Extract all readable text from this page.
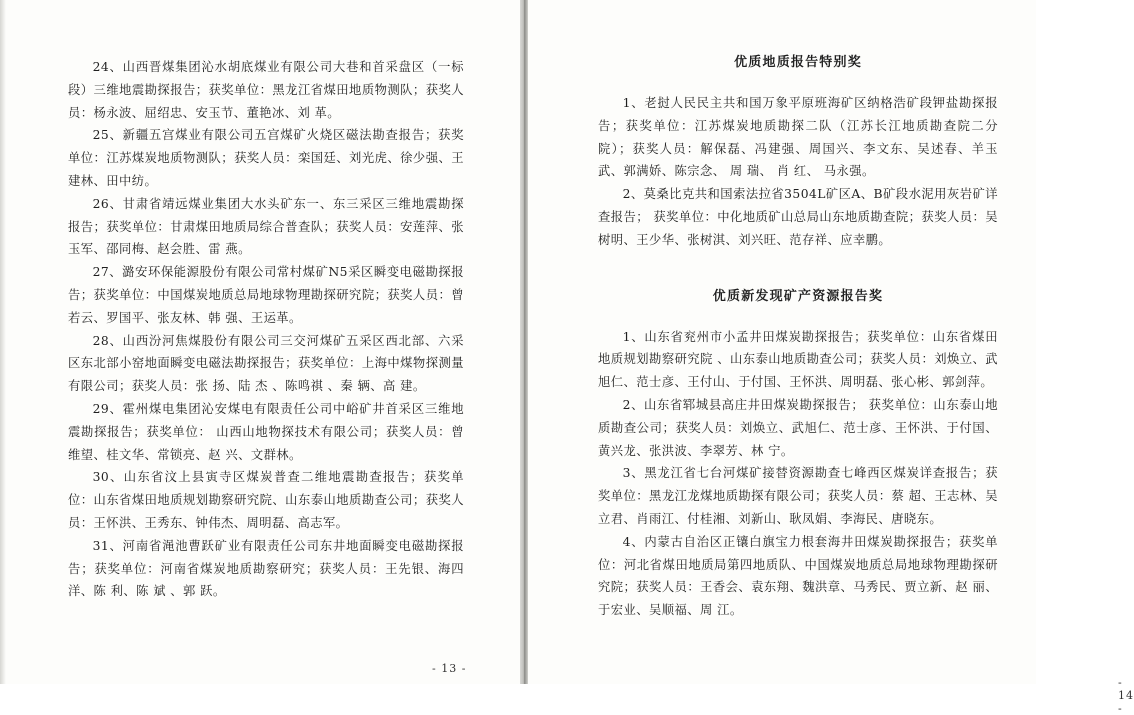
24、山西晋煤集团沁水胡底煤业有限公司大巷和首采盘区（一标段）三维地震勘探报告；获奖单位：黑龙江省煤田地质物测队；获奖人员：杨永波、屈绍忠、安玉节、董艳冰、刘 革。

25、新疆五宫煤业有限公司五宫煤矿火烧区磁法勘查报告；获奖单位：江苏煤炭地质物测队；获奖人员：栾国廷、刘光虎、徐少强、王建林、田中纺。

26、甘肃省靖远煤业集团大水头矿东一、东三采区三维地震勘探报告；获奖单位：甘肃煤田地质局综合普查队；获奖人员：安莲萍、张玉军、邵同梅、赵会胜、雷 燕。

27、潞安环保能源股份有限公司常村煤矿N5采区瞬变电磁勘探报告；获奖单位：中国煤炭地质总局地球物理勘探研究院；获奖人员：曾若云、罗国平、张友林、韩 强、王运革。

28、山西汾河焦煤股份有限公司三交河煤矿五采区西北部、六采区东北部小窑地面瞬变电磁法勘探报告；获奖单位：上海中煤物探测量有限公司；获奖人员：张 扬、陆 杰 、陈鸣祺 、秦 辆、高 建。

29、霍州煤电集团沁安煤电有限责任公司中峪矿井首采区三维地震勘探报告；获奖单位： 山西山地物探技术有限公司；获奖人员：曾维望、桂文华、常锁亮、赵 兴、文群林。

30、山东省汶上县寅寺区煤炭普查二维地震勘查报告；获奖单位：山东省煤田地质规划勘察研究院、山东泰山地质勘查公司；获奖人员：王怀洪、王秀东、钟伟杰、周明磊、高志军。

31、河南省渑池曹跃矿业有限责任公司东井地面瞬变电磁勘探报告；获奖单位：河南省煤炭地质勘察研究；获奖人员：王先银、海四洋、陈 利、陈 斌 、郭 跃。

- 13 -
优质地质报告特别奖

1、老挝人民民主共和国万象平原班海矿区纳格浩矿段钾盐勘探报告；获奖单位：江苏煤炭地质勘探二队（江苏长江地质勘查院二分院）；获奖人员：解保磊、冯建强、周国兴、李文东、吴述春、羊玉武、郭满娇、陈宗念、 周 瑞、 肖 红、 马永强。

2、莫桑比克共和国索法拉省3504L矿区A、B矿段水泥用灰岩矿详查报告； 获奖单位：中化地质矿山总局山东地质勘查院；获奖人员：吴树明、王少华、张树淇、刘兴旺、范存祥、应幸鹏。

优质新发现矿产资源报告奖

1、山东省兖州市小孟井田煤炭勘探报告；获奖单位：山东省煤田地质规划勘察研究院 、山东泰山地质勘查公司；获奖人员：刘焕立、武旭仁、范士彦、王付山、于付国、王怀洪、周明磊、张心彬、郭剑萍。

2、山东省郓城县高庄井田煤炭勘探报告； 获奖单位：山东泰山地质勘查公司；获奖人员：刘焕立、武旭仁、范士彦、王怀洪、于付国、黄兴龙、张洪波、李翠芳、林 宁。

3、黑龙江省七台河煤矿接替资源勘查七峰西区煤炭详查报告；获奖单位：黑龙江龙煤地质勘探有限公司；获奖人员：蔡 超、王志林、吴立君、肖雨江、付桂湘、刘新山、耿凤娟、李海民、唐晓东。

4、内蒙古自治区正镶白旗宝力根套海井田煤炭勘探报告；获奖单位：河北省煤田地质局第四地质队、中国煤炭地质总局地球物理勘探研究院；获奖人员：王香会、袁东翔、魏洪章、马秀民、贾立新、赵 丽、于宏业、吴顺福、周 江。

- 14 -
